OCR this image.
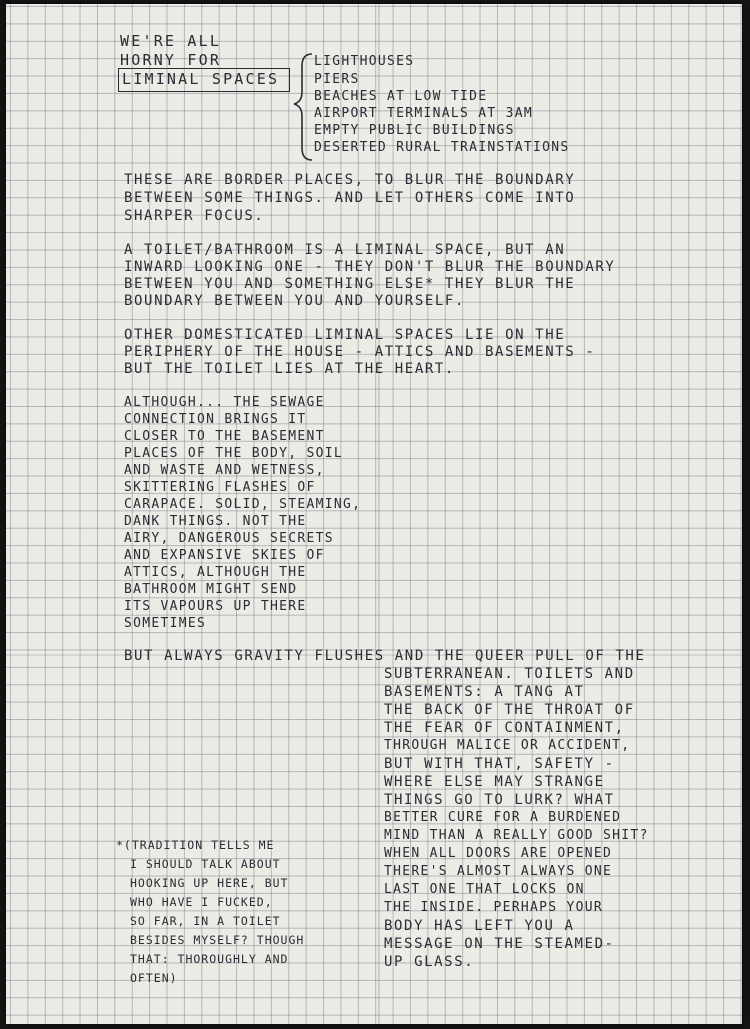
WE'RE ALL
HORNY FOR
LIMINAL SPACES
LIGHTHOUSES
PIERS
BEACHES AT LOW TIDE
AIRPORT TERMINALS AT 3AM
EMPTY PUBLIC BUILDINGS
DESERTED RURAL TRAINSTATIONS
THESE ARE BORDER PLACES, TO BLUR THE BOUNDARY
BETWEEN SOME THINGS. AND LET OTHERS COME INTO
SHARPER FOCUS.
A TOILET/BATHROOM IS A LIMINAL SPACE, BUT AN
INWARD LOOKING ONE - THEY DON'T BLUR THE BOUNDARY
BETWEEN YOU AND SOMETHING ELSE* THEY BLUR THE
BOUNDARY BETWEEN YOU AND YOURSELF.
OTHER DOMESTICATED LIMINAL SPACES LIE ON THE
PERIPHERY OF THE HOUSE - ATTICS AND BASEMENTS -
BUT THE TOILET LIES AT THE HEART.
ALTHOUGH... THE SEWAGE
CONNECTION BRINGS IT
CLOSER TO THE BASEMENT
PLACES OF THE BODY, SOIL
AND WASTE AND WETNESS,
SKITTERING FLASHES OF
CARAPACE. SOLID, STEAMING,
DANK THINGS. NOT THE
AIRY, DANGEROUS SECRETS
AND EXPANSIVE SKIES OF
ATTICS, ALTHOUGH THE
BATHROOM MIGHT SEND
ITS VAPOURS UP THERE
SOMETIMES
BUT ALWAYS GRAVITY FLUSHES AND THE QUEER PULL OF THE
SUBTERRANEAN. TOILETS AND
BASEMENTS: A TANG AT
THE BACK OF THE THROAT OF
THE FEAR OF CONTAINMENT,
THROUGH MALICE OR ACCIDENT,
BUT WITH THAT, SAFETY -
WHERE ELSE MAY STRANGE
THINGS GO TO LURK? WHAT
BETTER CURE FOR A BURDENED
MIND THAN A REALLY GOOD SHIT?
WHEN ALL DOORS ARE OPENED
THERE'S ALMOST ALWAYS ONE
LAST ONE THAT LOCKS ON
THE INSIDE. PERHAPS YOUR
BODY HAS LEFT YOU A
MESSAGE ON THE STEAMED-
UP GLASS.
*(TRADITION TELLS ME
I SHOULD TALK ABOUT
HOOKING UP HERE, BUT
WHO HAVE I FUCKED,
SO FAR, IN A TOILET
BESIDES MYSELF? THOUGH
THAT: THOROUGHLY AND
OFTEN)
